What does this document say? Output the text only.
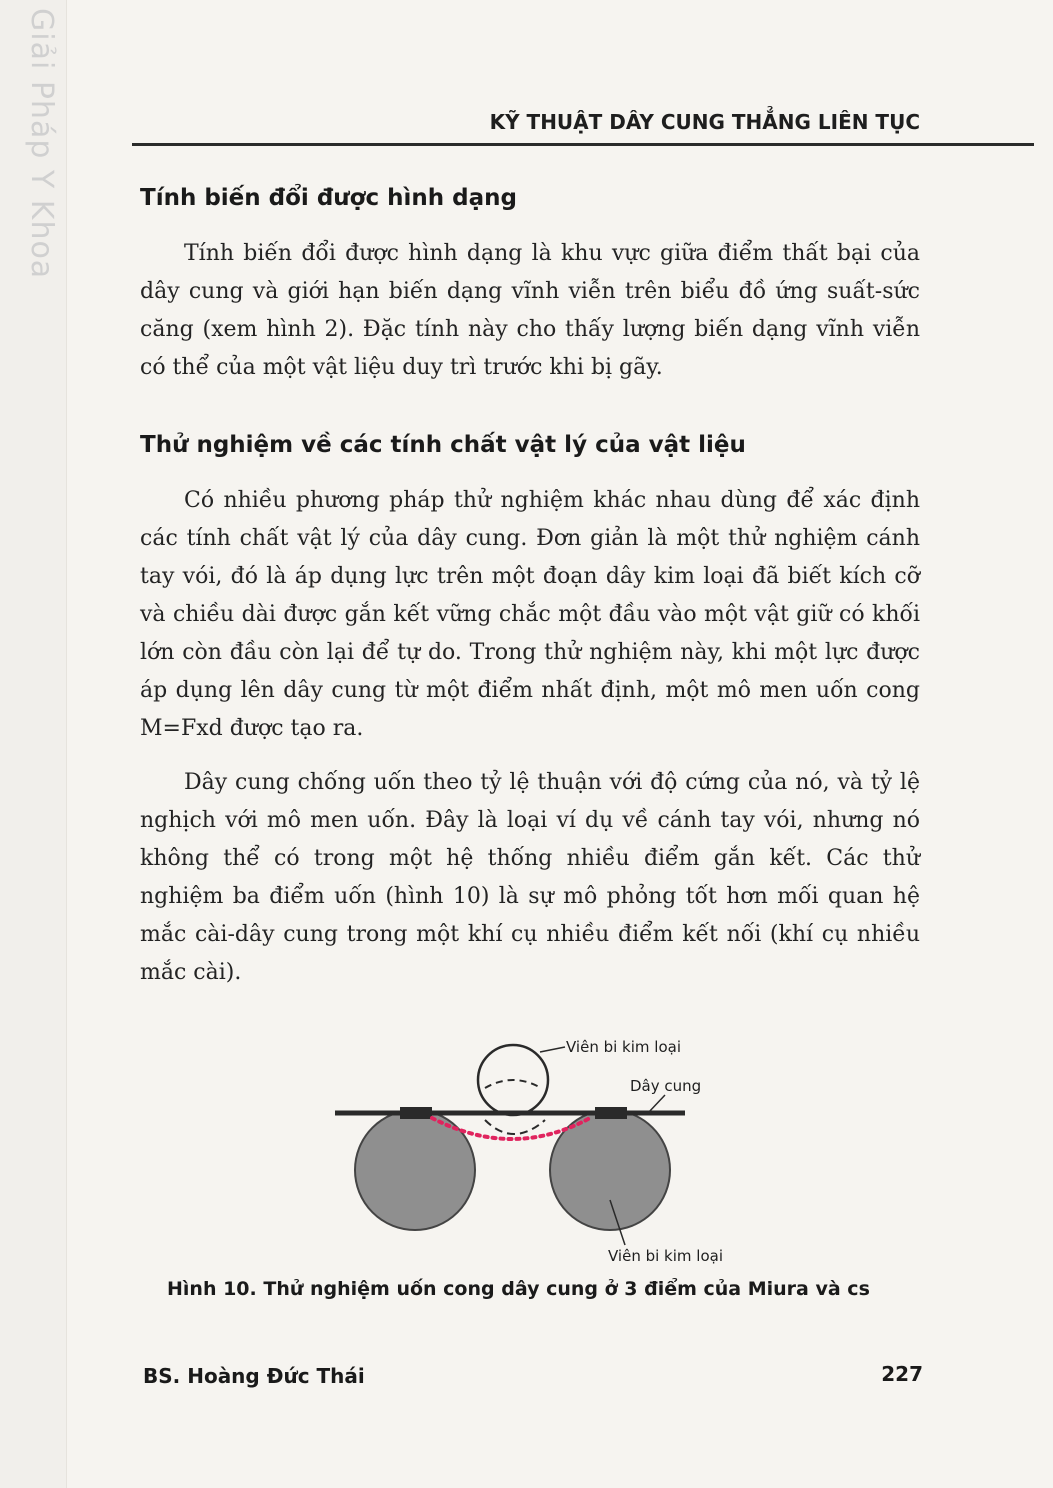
Giải Pháp Y Khoa	KỸ THUẬT DÂY CUNG THẲNG LIÊN TỤC
Tính biến đổi được hình dạng

Tính biến đổi được hình dạng là khu vực giữa điểm thất bại của dây cung và giới hạn biến dạng vĩnh viễn trên biểu đồ ứng suất-sức căng (xem hình 2). Đặc tính này cho thấy lượng biến dạng vĩnh viễn có thể của một vật liệu duy trì trước khi bị gãy.

Thử nghiệm về các tính chất vật lý của vật liệu

Có nhiều phương pháp thử nghiệm khác nhau dùng để xác định các tính chất vật lý của dây cung. Đơn giản là một thử nghiệm cánh tay vói, đó là áp dụng lực trên một đoạn dây kim loại đã biết kích cỡ và chiều dài được gắn kết vững chắc một đầu vào một vật giữ có khối lớn còn đầu còn lại để tự do. Trong thử nghiệm này, khi một lực được áp dụng lên dây cung từ một điểm nhất định, một mô men uốn cong M=Fxd được tạo ra.

Dây cung chống uốn theo tỷ lệ thuận với độ cứng của nó, và tỷ lệ nghịch với mô men uốn. Đây là loại ví dụ về cánh tay vói, nhưng nó không thể có trong một hệ thống nhiều điểm gắn kết. Các thử nghiệm ba điểm uốn (hình 10) là sự mô phỏng tốt hơn mối quan hệ mắc cài-dây cung trong một khí cụ nhiều điểm kết nối (khí cụ nhiều mắc cài).

Viên bi kim loại
Dây cung
Viên bi kim loại
Hình 10. Thử nghiệm uốn cong dây cung ở 3 điểm của Miura và cs
BS. Hoàng Đức Thái	227
